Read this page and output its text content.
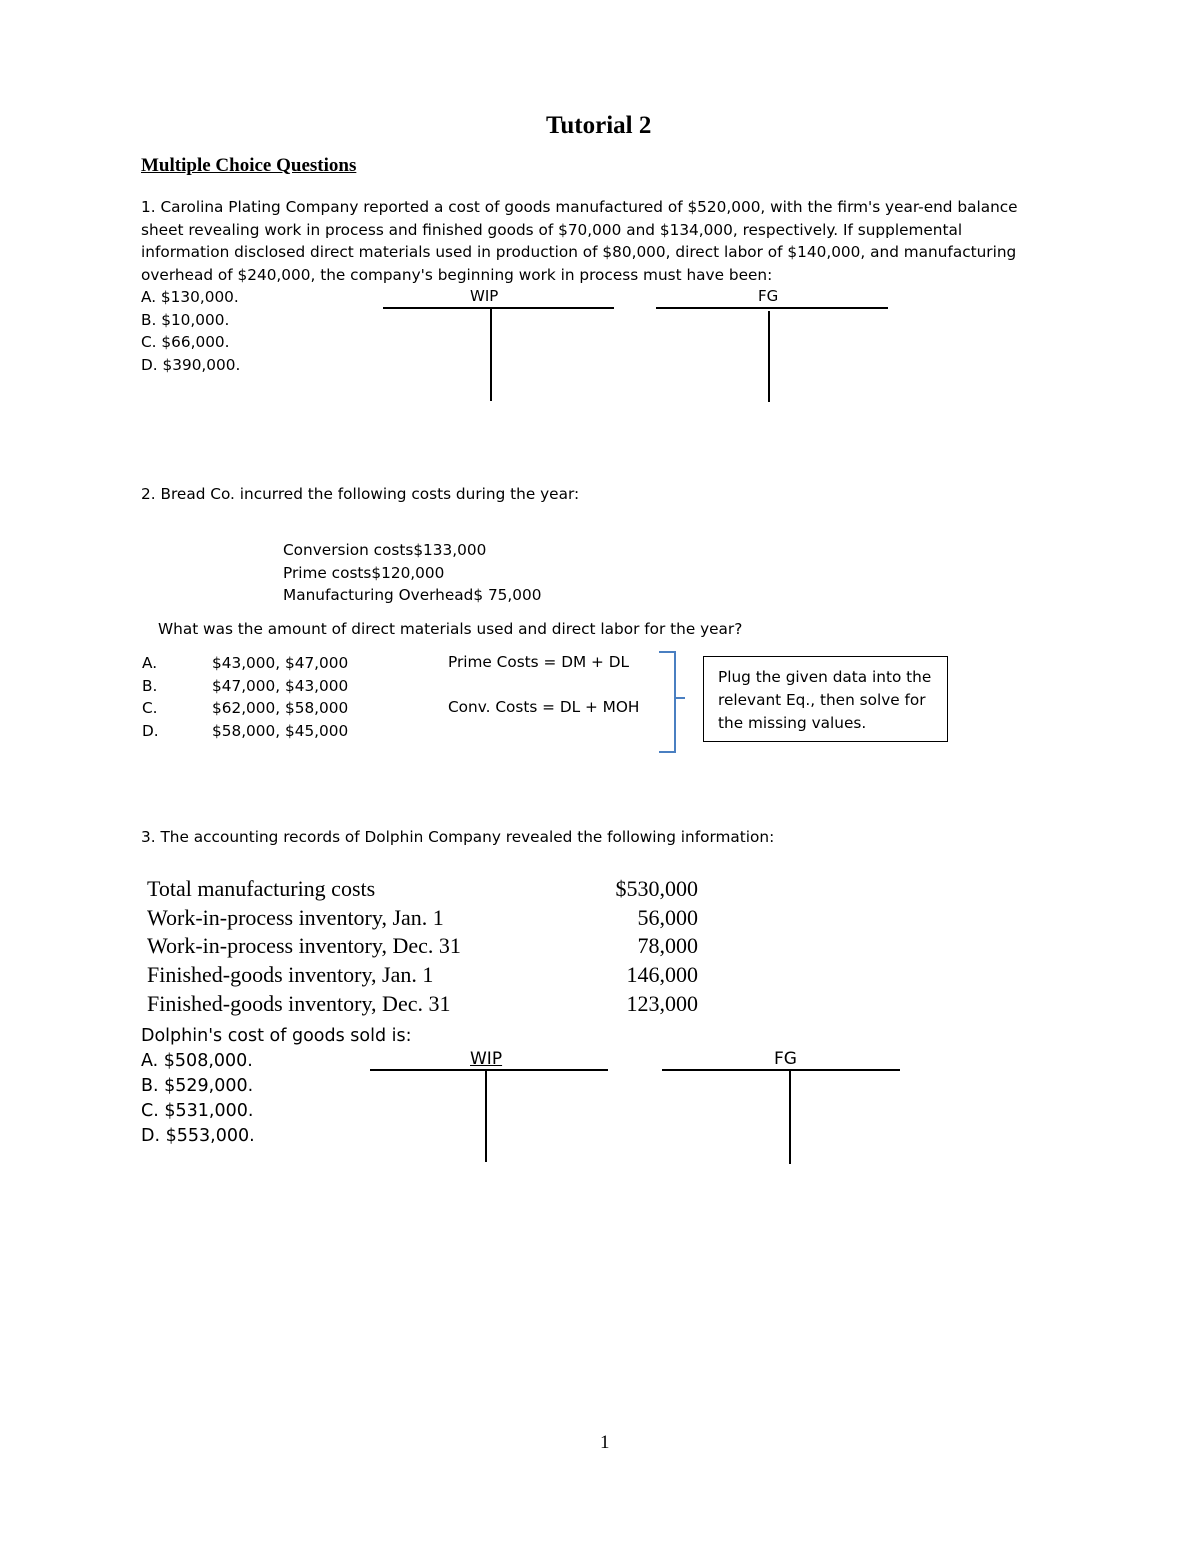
Tutorial 2
Multiple Choice Questions
1. Carolina Plating Company reported a cost of goods manufactured of $520,000, with the firm's year-end balance
sheet revealing work in process and finished goods of $70,000 and $134,000, respectively. If supplemental
information disclosed direct materials used in production of $80,000, direct labor of $140,000, and manufacturing
overhead of $240,000, the company's beginning work in process must have been:
A. $130,000.
B. $10,000.
C. $66,000.
D. $390,000.
WIP	FG
2. Bread Co. incurred the following costs during the year:
Conversion costs$133,000
Prime costs$120,000
Manufacturing Overhead$ 75,000
What was the amount of direct materials used and direct labor for the year?
A.
B.
C.
D.
$43,000, $47,000
$47,000, $43,000
$62,000, $58,000
$58,000, $45,000
Prime Costs = DM + DL
Conv. Costs = DL + MOH

Plug the given data into the

relevant Eq., then solve for

the missing values.

3. The accounting records of Dolphin Company revealed the following information:
Total manufacturing costs
Work-in-process inventory, Jan. 1
Work-in-process inventory, Dec. 31
Finished-goods inventory, Jan. 1
Finished-goods inventory, Dec. 31
$530,000
56,000
78,000
146,000
123,000
Dolphin's cost of goods sold is:
A. $508,000.
B. $529,000.
C. $531,000.
D. $553,000.
WIP	FG
1
